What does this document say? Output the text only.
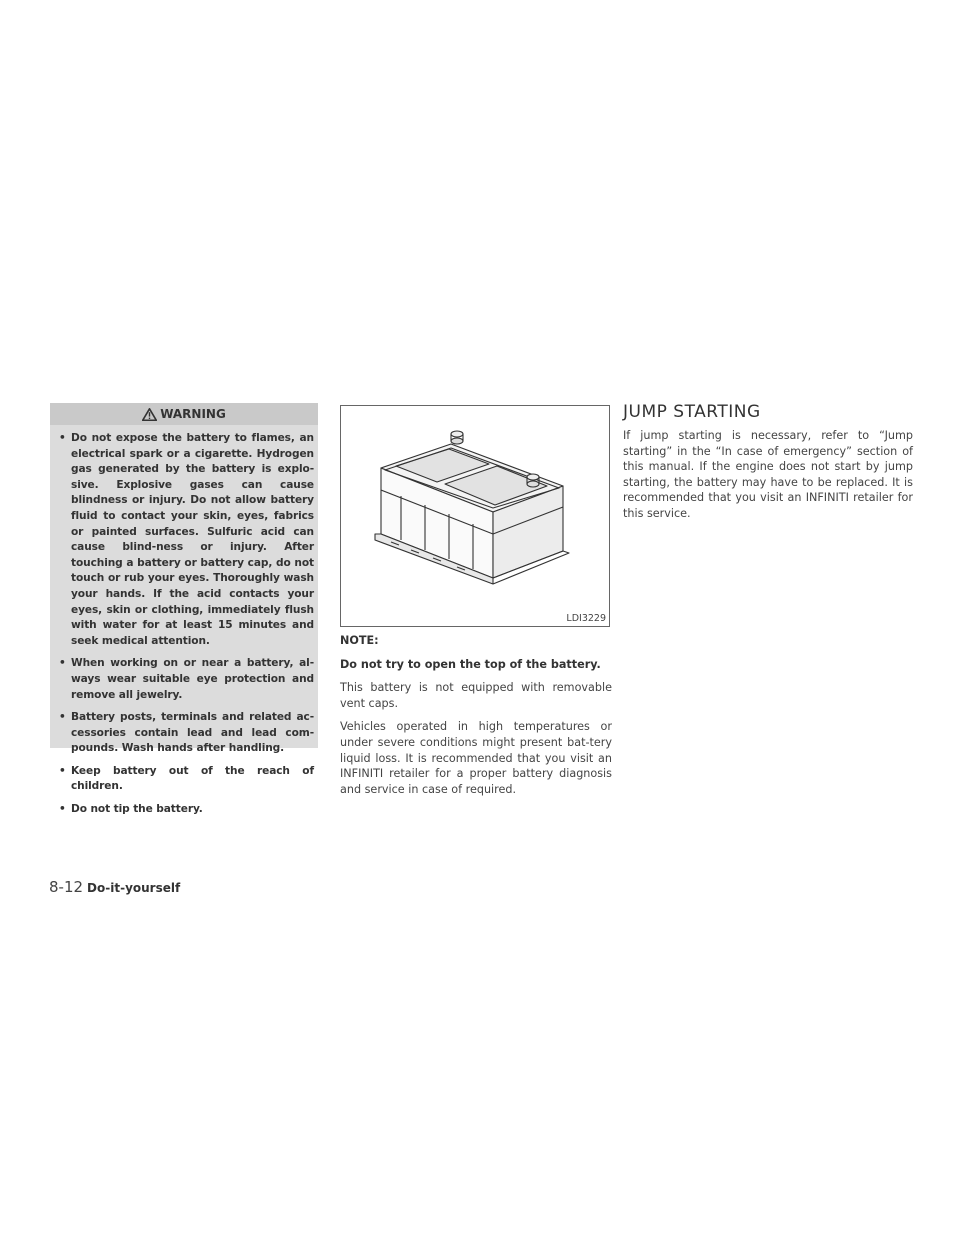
WARNING
• Do not expose the battery to flames, an electrical spark or a cigarette. Hydrogen gas generated by the battery is explo-sive. Explosive gases can cause blindness or injury. Do not allow battery fluid to contact your skin, eyes, fabrics or painted surfaces. Sulfuric acid can cause blind-ness or injury. After touching a battery or battery cap, do not touch or rub your eyes. Thoroughly wash your hands. If the acid contacts your eyes, skin or clothing, immediately flush with water for at least 15 minutes and seek medical attention.
• When working on or near a battery, al-ways wear suitable eye protection and remove all jewelry.
• Battery posts, terminals and related ac-cessories contain lead and lead com-pounds. Wash hands after handling.
• Keep battery out of the reach of children.
• Do not tip the battery.
LDI3229

NOTE:

Do not try to open the top of the battery.

This battery is not equipped with removable vent caps.

Vehicles operated in high temperatures or under severe conditions might present bat-tery liquid loss. It is recommended that you visit an INFINITI retailer for a proper battery diagnosis and service in case of required.

JUMP STARTING

If jump starting is necessary, refer to “Jump starting” in the “In case of emergency” section of this manual. If the engine does not start by jump starting, the battery may have to be replaced. It is recommended that you visit an INFINITI retailer for this service.

8-12 Do-it-yourself
